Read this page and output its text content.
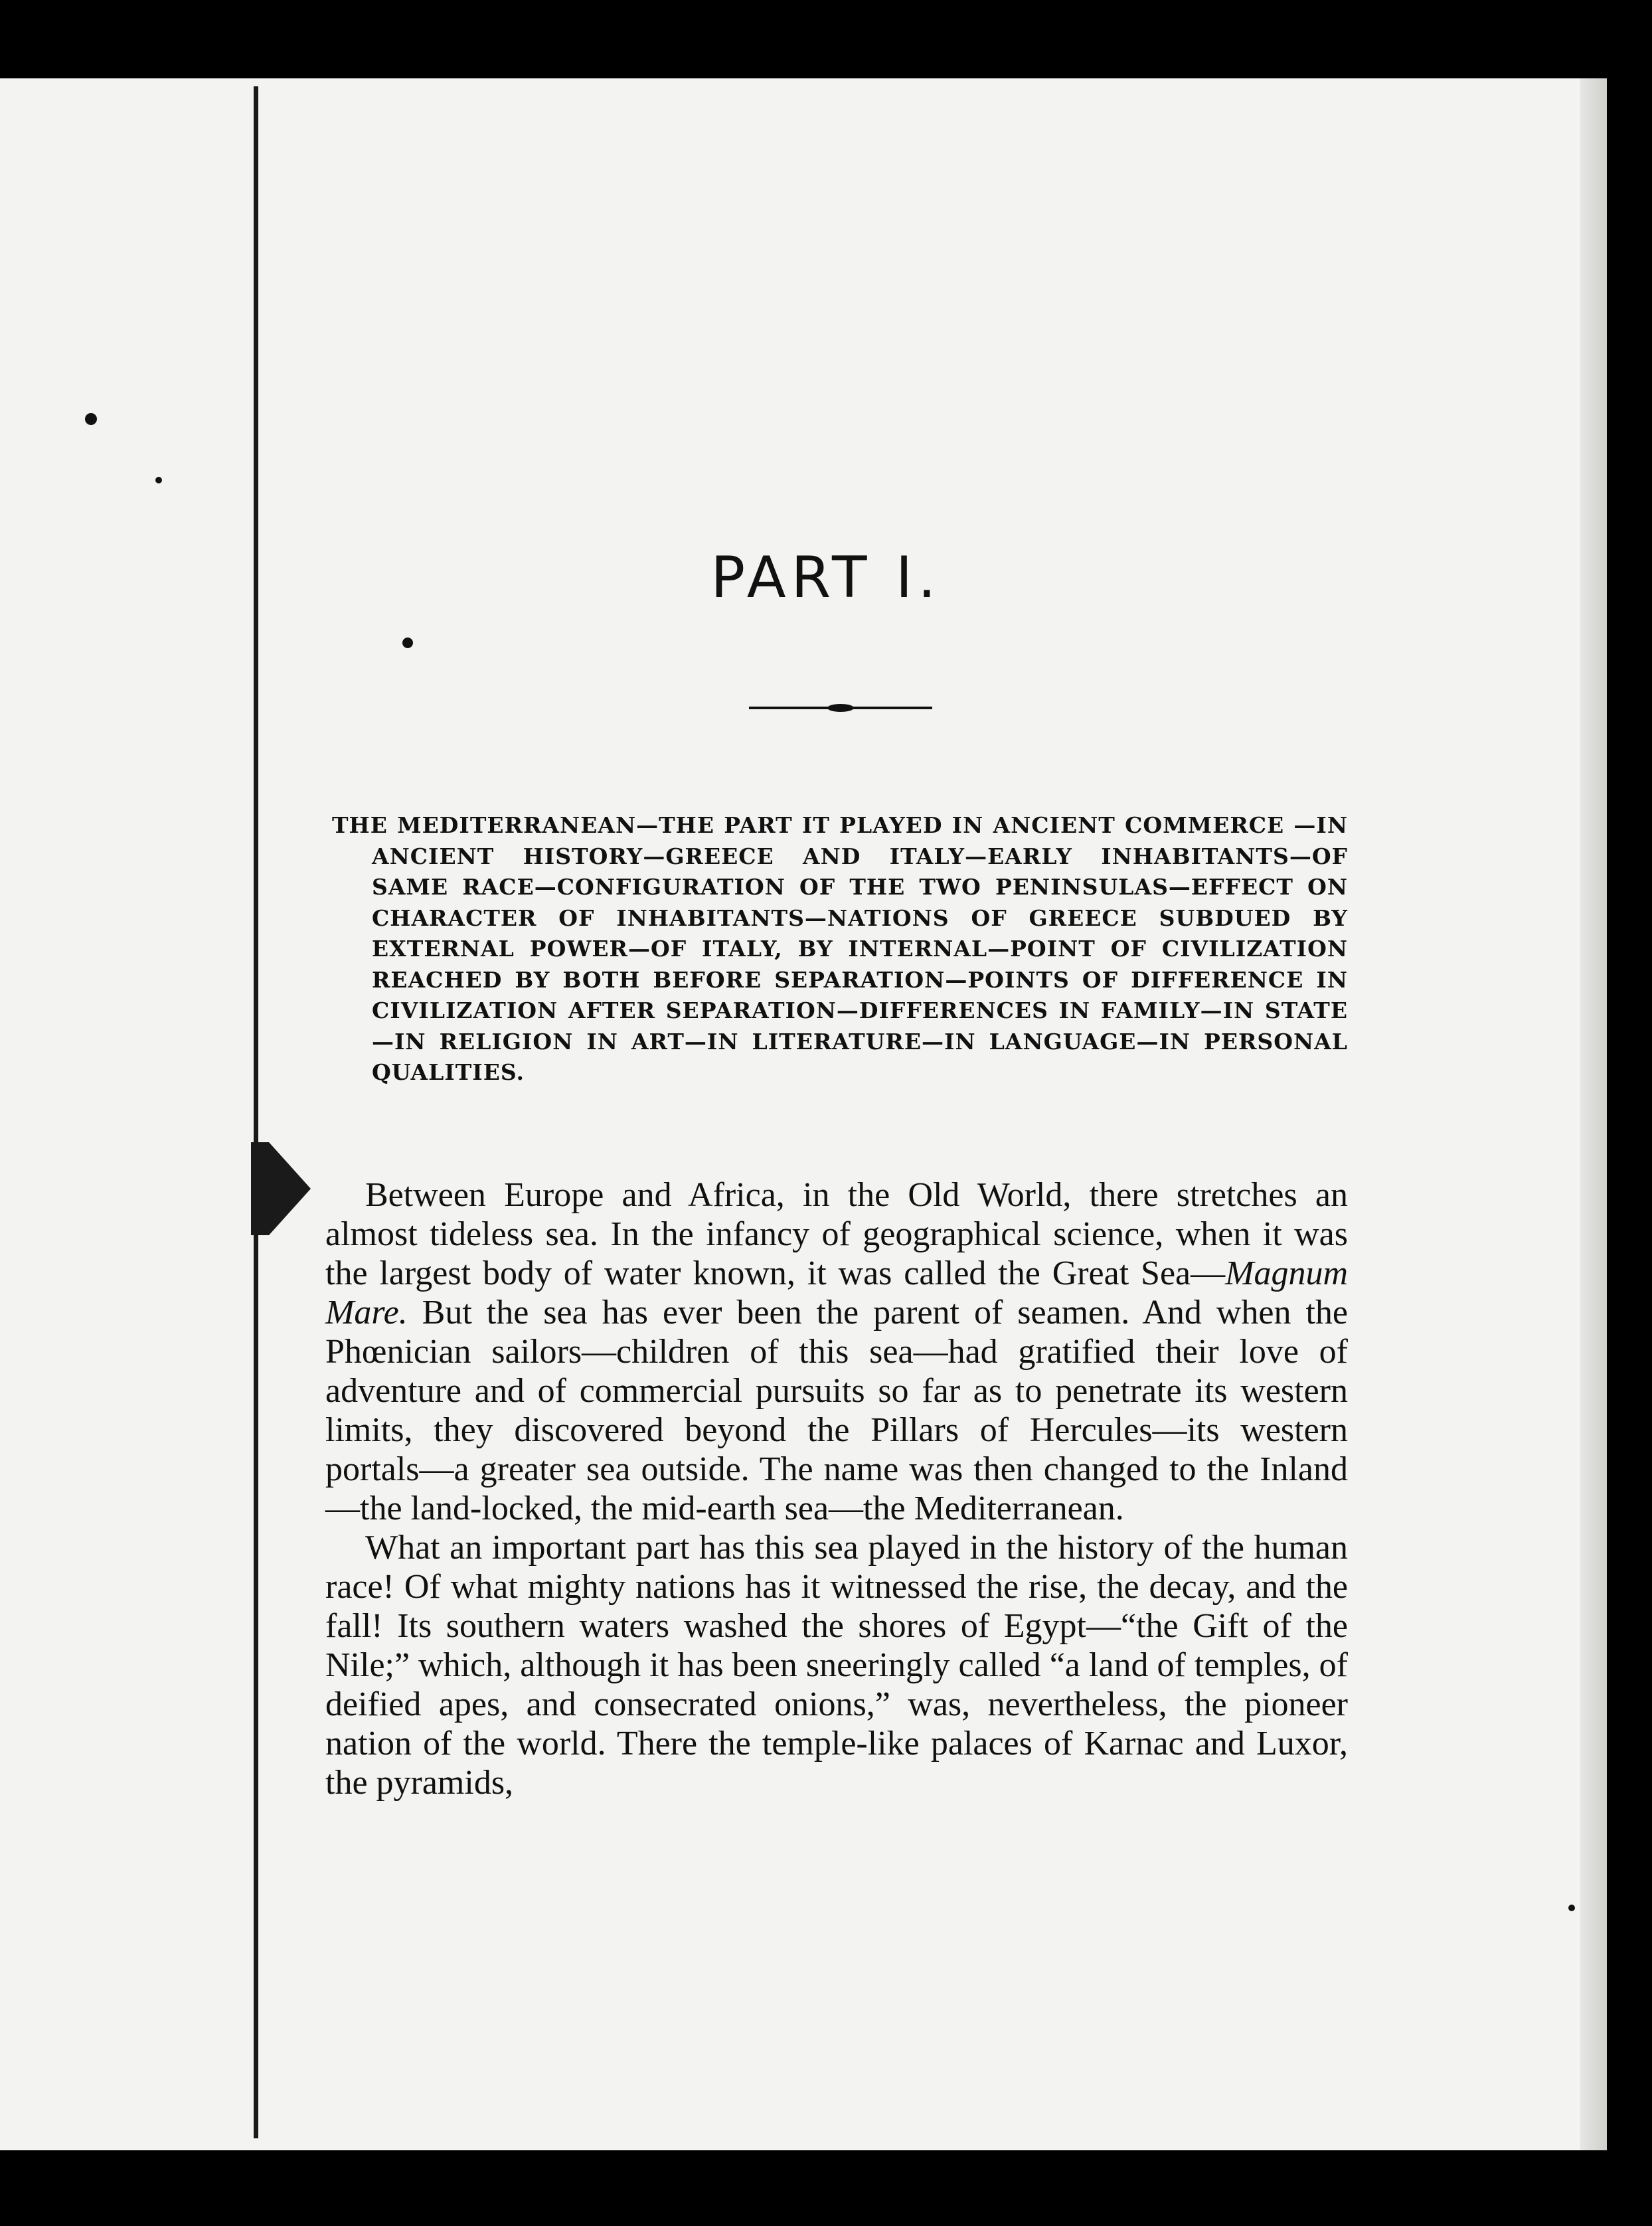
PART I.

THE MEDITERRANEAN—THE PART IT PLAYED IN ANCIENT COMMERCE —IN ANCIENT HISTORY—GREECE AND ITALY—EARLY INHABITANTS—OF SAME RACE—CONFIGURATION OF THE TWO PENINSULAS—EFFECT ON CHARACTER OF INHABITANTS—NATIONS OF GREECE SUBDUED BY EXTERNAL POWER—OF ITALY, BY INTERNAL—POINT OF CIVILIZATION REACHED BY BOTH BEFORE SEPARATION—POINTS OF DIFFERENCE IN CIVILIZATION AFTER SEPARATION—DIFFERENCES IN FAMILY—IN STATE—IN RELIGION IN ART—IN LITERATURE—IN LANGUAGE—IN PERSONAL QUALITIES.

Between Europe and Africa, in the Old World, there stretches an almost tideless sea. In the infancy of geographical science, when it was the largest body of water known, it was called the Great Sea—Magnum Mare. But the sea has ever been the parent of seamen. And when the Phœnician sailors—children of this sea—had gratified their love of adventure and of commercial pursuits so far as to penetrate its western limits, they discovered beyond the Pillars of Hercules—its western portals—a greater sea outside. The name was then changed to the Inland—the land-locked, the mid-earth sea—the Mediterranean.

What an important part has this sea played in the history of the human race! Of what mighty nations has it witnessed the rise, the decay, and the fall! Its southern waters washed the shores of Egypt—“the Gift of the Nile;” which, although it has been sneeringly called “a land of temples, of deified apes, and consecrated onions,” was, nevertheless, the pioneer nation of the world. There the temple-like palaces of Karnac and Luxor, the pyramids,
